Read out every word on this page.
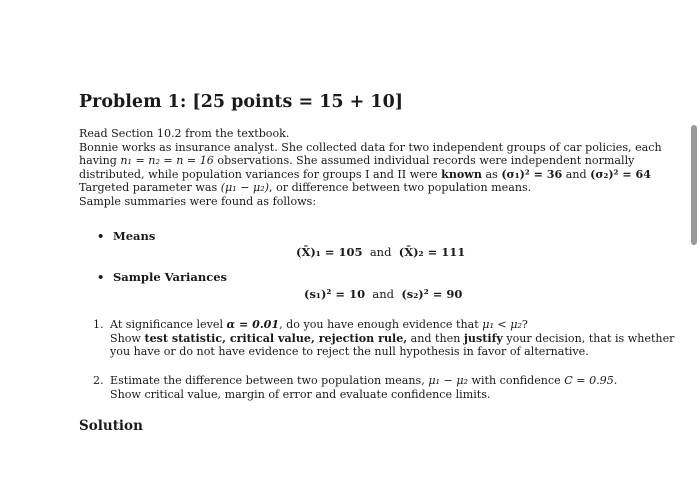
Problem 1: [25 points = 15 + 10]
Read Section 10.2 from the textbook.
Bonnie works as insurance analyst. She collected data for two independent groups of car policies, each
having n₁ = n₂ = n = 16 observations. She assumed individual records were independent normally
distributed, while population variances for groups I and II were known as (σ₁)² = 36 and (σ₂)² = 64
Targeted parameter was (μ₁ − μ₂), or difference between two population means.
Sample summaries were found as follows:
• Means
(X̄)₁ = 105 and (X̄)₂ = 111
• Sample Variances
(s₁)² = 10 and (s₂)² = 90
1. At significance level α = 0.01, do you have enough evidence that μ₁ < μ₂?
Show test statistic, critical value, rejection rule, and then justify your decision, that is whether
you have or do not have evidence to reject the null hypothesis in favor of alternative.
2. Estimate the difference between two population means, μ₁ − μ₂ with confidence C = 0.95.
Show critical value, margin of error and evaluate confidence limits.
Solution
